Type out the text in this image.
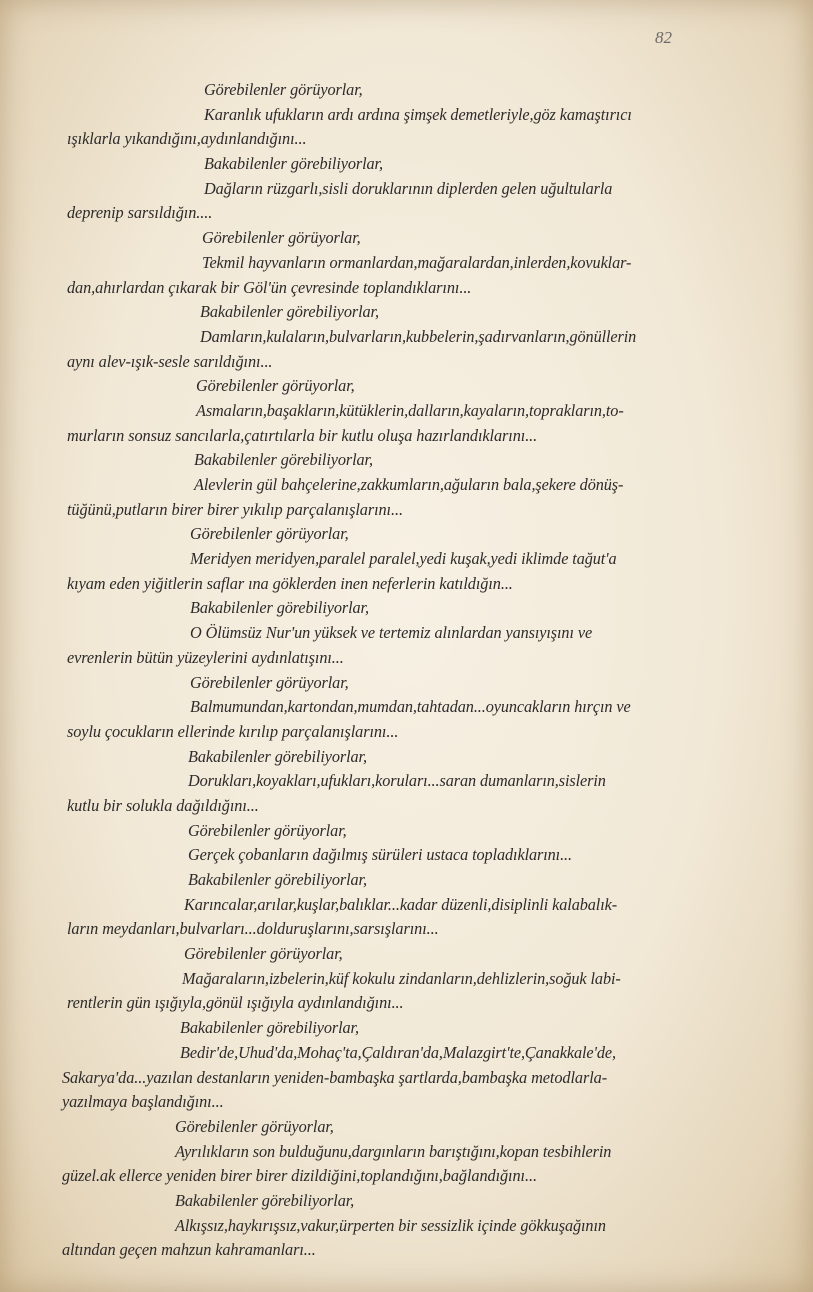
82
Görebilenler görüyorlar,
Karanlık ufukların ardı ardına şimşek demetleriyle,göz kamaştırıcı
ışıklarla yıkandığını,aydınlandığını...
Bakabilenler görebiliyorlar,
Dağların rüzgarlı,sisli doruklarının diplerden gelen uğultularla
deprenip sarsıldığın....
Görebilenler görüyorlar,
Tekmil hayvanların ormanlardan,mağaralardan,inlerden,kovuklar-
dan,ahırlardan çıkarak bir Göl'ün çevresinde toplandıklarını...
Bakabilenler görebiliyorlar,
Damların,kulaların,bulvarların,kubbelerin,şadırvanların,gönüllerin
aynı alev-ışık-sesle sarıldığını...
Görebilenler görüyorlar,
Asmaların,başakların,kütüklerin,dalların,kayaların,toprakların,to-
murların sonsuz sancılarla,çatırtılarla bir kutlu oluşa hazırlandıklarını...
Bakabilenler görebiliyorlar,
Alevlerin gül bahçelerine,zakkumların,ağuların bala,şekere dönüş-
tüğünü,putların birer birer yıkılıp parçalanışlarını...
Görebilenler görüyorlar,
Meridyen meridyen,paralel paralel,yedi kuşak,yedi iklimde tağut'a
kıyam eden yiğitlerin saflar ına göklerden inen neferlerin katıldığın...
Bakabilenler görebiliyorlar,
O Ölümsüz Nur'un yüksek ve tertemiz alınlardan yansıyışını ve
evrenlerin bütün yüzeylerini aydınlatışını...
Görebilenler görüyorlar,
Balmumundan,kartondan,mumdan,tahtadan...oyuncakların hırçın ve
soylu çocukların ellerinde kırılıp parçalanışlarını...
Bakabilenler görebiliyorlar,
Dorukları,koyakları,ufukları,koruları...saran dumanların,sislerin
kutlu bir solukla dağıldığını...
Görebilenler görüyorlar,
Gerçek çobanların dağılmış sürüleri ustaca topladıklarını...
Bakabilenler görebiliyorlar,
Karıncalar,arılar,kuşlar,balıklar...kadar düzenli,disiplinli kalabalık-
ların meydanları,bulvarları...dolduruşlarını,sarsışlarını...
Görebilenler görüyorlar,
Mağaraların,izbelerin,küf kokulu zindanların,dehlizlerin,soğuk labi-
rentlerin gün ışığıyla,gönül ışığıyla aydınlandığını...
Bakabilenler görebiliyorlar,
Bedir'de,Uhud'da,Mohaç'ta,Çaldıran'da,Malazgirt'te,Çanakkale'de,
Sakarya'da...yazılan destanların yeniden-bambaşka şartlarda,bambaşka metodlarla-
yazılmaya başlandığını...
Görebilenler görüyorlar,
Ayrılıkların son bulduğunu,dargınların barıştığını,kopan tesbihlerin
güzel.ak ellerce yeniden birer birer dizildiğini,toplandığını,bağlandığını...
Bakabilenler görebiliyorlar,
Alkışsız,haykırışsız,vakur,ürperten bir sessizlik içinde gökkuşağının
altından geçen mahzun kahramanları...
